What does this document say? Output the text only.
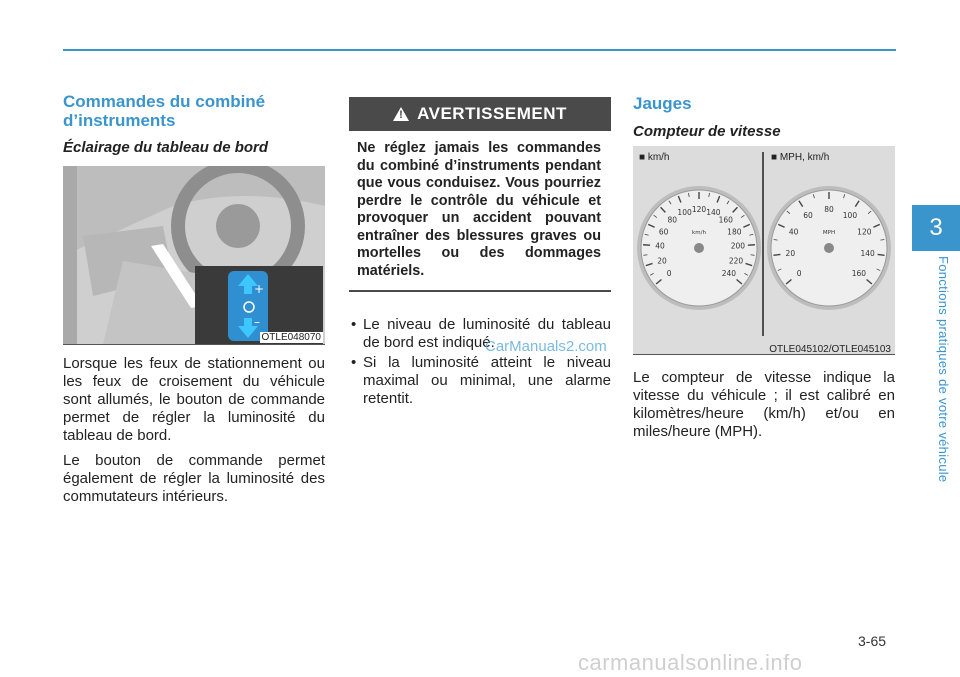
3
Fonctions pratiques de votre véhicule
Commandes du combiné d’instruments
Éclairage du tableau de bord
+
–
OTLE048070

Lorsque les feux de stationnement ou les feux de croisement du véhicule sont allumés, le bouton de commande permet de régler la luminosité du tableau de bord.

Le bouton de commande permet également de régler la luminosité des commutateurs intérieurs.

!
AVERTISSEMENT
Ne réglez jamais les commandes du combiné d’instruments pendant que vous conduisez. Vous pourriez perdre le contrôle du véhicule et provoquer un accident pouvant entraîner des blessures graves ou mortelles ou des dommages matériels.
• Le niveau de luminosité du tableau de bord est indiqué.
• Si la luminosité atteint le niveau maximal ou minimal, une alarme retentit.
Jauges
Compteur de vitesse
0
20
40
60
80
100 120 140
160
180
200
220
240
km/h
0
20
40
60
80
100
120
140
160
MPH
■ km/h	■ MPH, km/h
OTLE045102/OTLE045103

Le compteur de vitesse indique la vitesse du véhicule ; il est calibré en kilomètres/heure (km/h) et/ou en miles/heure (MPH).

3-65
CarManuals2.com
carmanualsonline.info
